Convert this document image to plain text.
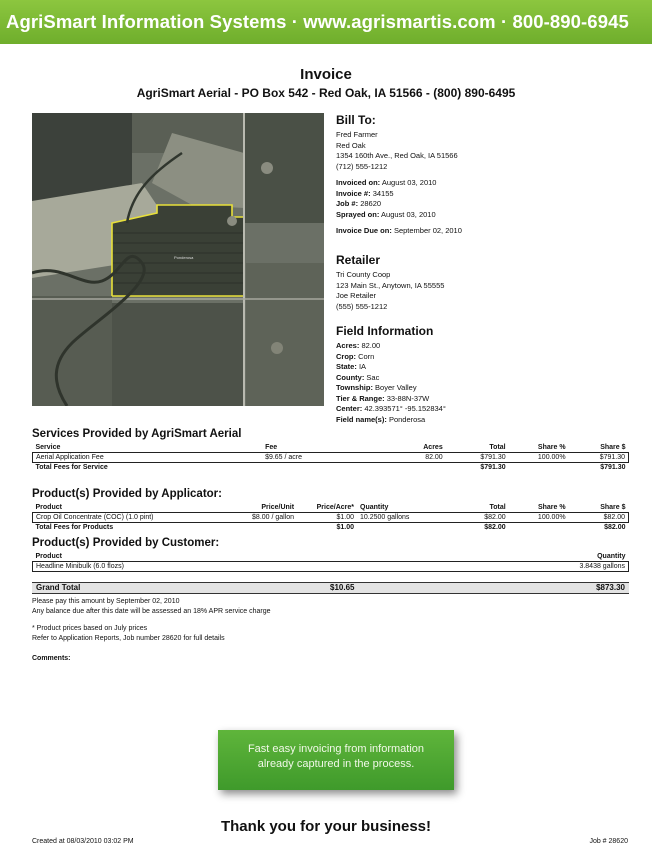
AgriSmart Information Systems · www.agrismartis.com · 800-890-6945
Invoice
AgriSmart Aerial - PO Box 542 - Red Oak, IA 51566 - (800) 890-6495
Ponderosa
Bill To:
Fred Farmer
Red Oak
1354 160th Ave., Red Oak, IA 51566
(712) 555-1212
Invoiced on: August 03, 2010
Invoice #: 34155
Job #: 28620
Sprayed on: August 03, 2010
Invoice Due on: September 02, 2010
Retailer
Tri County Coop
123 Main St., Anytown, IA 55555
Joe Retailer
(555) 555-1212
Field Information
Acres: 82.00
Crop: Corn
State: IA
County: Sac
Township: Boyer Valley
Tier & Range: 33-88N-37W
Center: 42.393571° -95.152834°
Field name(s): Ponderosa
Services Provided by AgriSmart Aerial
Service	Fee	Acres	Total	Share %	Share $
Aerial Application Fee	$9.65 / acre	82.00	$791.30	100.00%	$791.30
Total Fees for Service			$791.30		$791.30
Product(s) Provided by Applicator:
Product	Price/Unit	Price/Acre*	Quantity	Total	Share %	Share $
Crop Oil Concentrate (COC) (1.0 pint)	$8.00 / gallon	$1.00	10.2500 gallons	$82.00	100.00%	$82.00
Total Fees for Products		$1.00		$82.00		$82.00
Product(s) Provided by Customer:
Product	Quantity
Headline Minibulk (6.0 flozs)	3.8438 gallons
Grand Total	$10.65	$873.30
Please pay this amount by September 02, 2010
Any balance due after this date will be assessed an 18% APR service charge
* Product prices based on July prices
Refer to Application Reports, Job number 28620 for full details
Comments:
Fast easy invoicing from information
already captured in the process.
Thank you for your business!
Created at 08/03/2010 03:02 PM	Job # 28620
